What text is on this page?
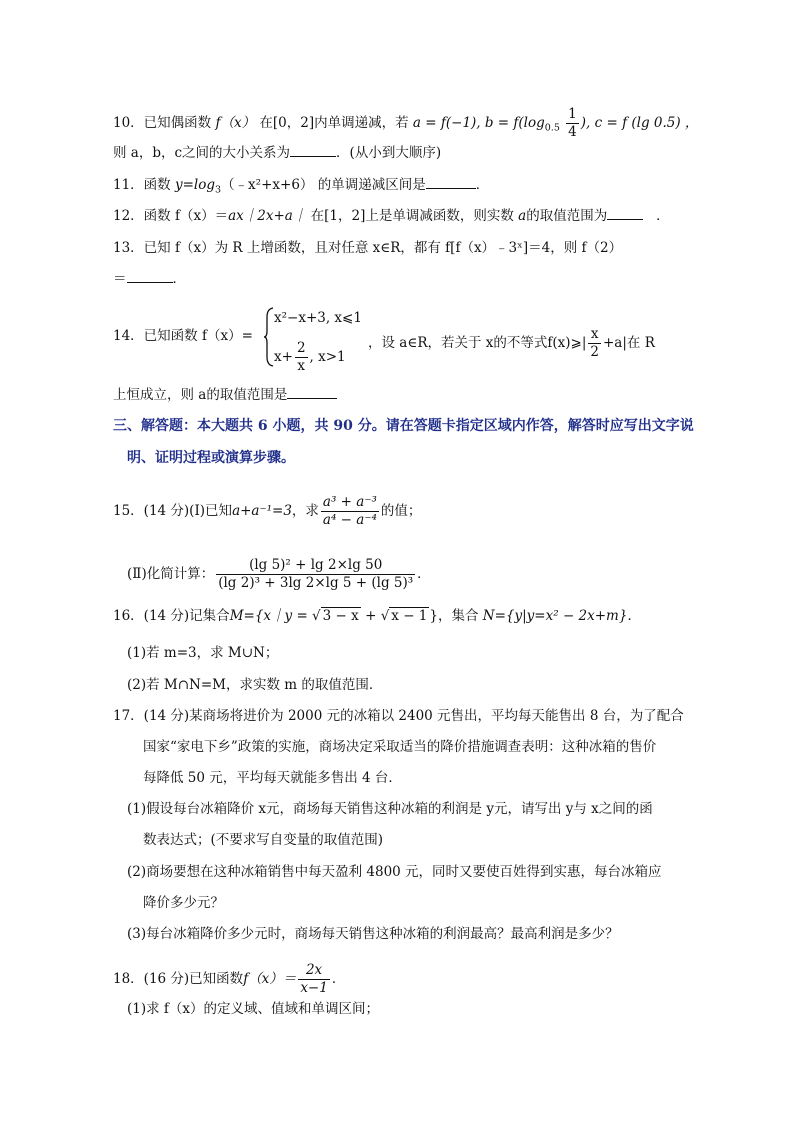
10．已知偶函数 f（x） 在[0，2]内单调递减，若 a = f(−1), $b = f(\log_{0.5} \frac{1}{4}$ ), c = f (lg 0.5) ，
则 a，b，c之间的大小关系为	．(从小到大顺序)
11．函数 $y=\log_3(﹣x^2+x+6)$ 的单调递减区间是	．
12．函数 f（x）＝ax｜2x+a｜ 在[1，2]上是单调减函数，则实数 a的取值范围为	．
13．已知 f（x）为 R 上增函数，且对任意 x∈R，都有 f[f（x）﹣3ˣ]＝4，则 f（2）
＝	．
14．已知函数 f（x）=
x²−x+3, x⩽1
$x+ \frac{2}{x}$ , x>1
，设 a∈R，若关于 x的不等式f(x)⩾| $\frac{x}{2} +a|$在 R
上恒成立，则 a的取值范围是
三、解答题：本大题共 6 小题，共 90 分。请在答题卡指定区域内作答，解答时应写出文字说
明、证明过程或演算步骤。
15．(14 分)(Ⅰ)已知a+a⁻¹=3，求 $\frac{\text{a³ + a⁻³}}{\text{a⁴ − a⁻⁴}}$ 的值；
(Ⅱ)化简计算： $\frac{\text{(lg 5)² + lg 2×lg 50}}{\text{(lg 2)³ + 3lg 2×lg 5 + (lg 5)³}}$ ．
16．(14 分)记集合M={x｜y = √ 3 − x + √ x − 1 }，集合 N={y|y=x² − 2x+m}．
(1)若 m=3，求 M∪N；
(2)若 M∩N=M，求实数 m 的取值范围．
17．(14 分)某商场将进价为 2000 元的冰箱以 2400 元售出，平均每天能售出 8 台，为了配合
国家“家电下乡”政策的实施，商场决定采取适当的降价措施调查表明：这种冰箱的售价
每降低 50 元，平均每天就能多售出 4 台．
(1)假设每台冰箱降价 x元，商场每天销售这种冰箱的利润是 y元，请写出 y与 x之间的函
数表达式；(不要求写自变量的取值范围)
(2)商场要想在这种冰箱销售中每天盈利 4800 元，同时又要使百姓得到实惠，每台冰箱应
降价多少元？
(3)每台冰箱降价多少元时，商场每天销售这种冰箱的利润最高？最高利润是多少？
18．(16 分)已知函数$f(x)= \frac{2x}{x-1}$ ．
(1)求 f（x）的定义域、值域和单调区间；
